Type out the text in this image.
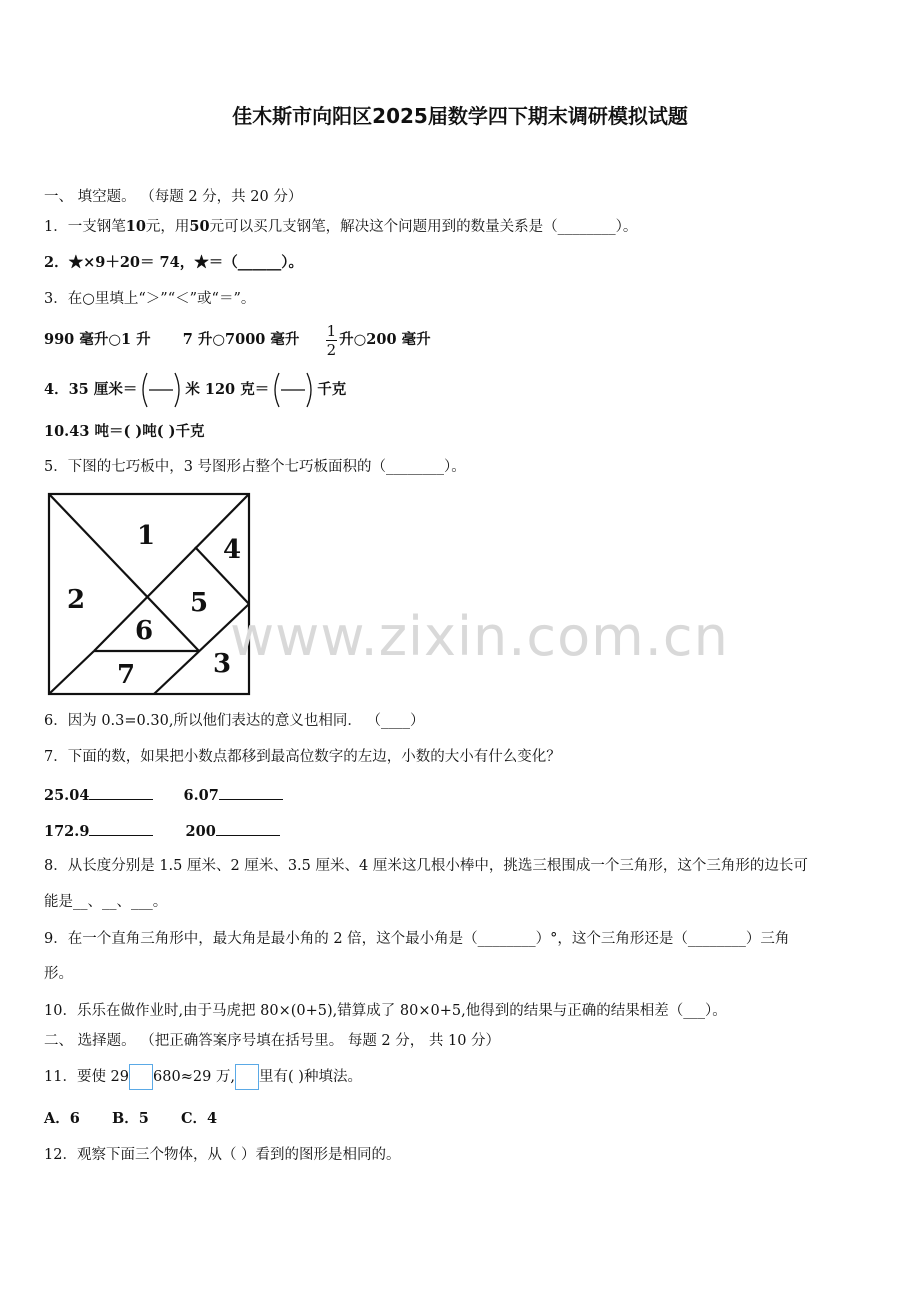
佳木斯市向阳区2025届数学四下期末调研模拟试题
一、 填空题。 （每题 2 分，共 20 分）
1．一支钢笔10元，用50元可以买几支钢笔，解决这个问题用到的数量关系是（________）。
2．★×9＋20＝ 74，★＝（______）。
3．在○里填上“＞”“＜”或“＝”。
990 毫升○1 升 7 升○7000 毫升 $\frac{1}{2}$ 升○200 毫升
4．35 厘米＝	米 120 克＝	千克
10.43 吨＝( )吨( )千克
5．下图的七巧板中，3 号图形占整个七巧板面积的（________）。
1
2
3
4
5
6
7
www.zixin.com.cn
6．因为 0.3=0.30,所以他们表达的意义也相同． （____）
7．下面的数，如果把小数点都移到最高位数字的左边，小数的大小有什么变化？
25.04	6.07
172.9	200
8．从长度分别是 1.5 厘米、2 厘米、3.5 厘米、4 厘米这几根小棒中，挑选三根围成一个三角形，这个三角形的边长可
能是__、__、___。
9．在一个直角三角形中，最大角是最小角的 2 倍，这个最小角是（________）°，这个三角形还是（________）三角
形。
10．乐乐在做作业时,由于马虎把 80×(0+5),错算成了 80×0+5,他得到的结果与正确的结果相差（___）。
二、 选择题。 （把正确答案序号填在括号里。 每题 2 分， 共 10 分）
11．要使 29 680≈29 万, 里有( )种填法。
A．6 B．5 C．4
12．观察下面三个物体，从（ ）看到的图形是相同的。
